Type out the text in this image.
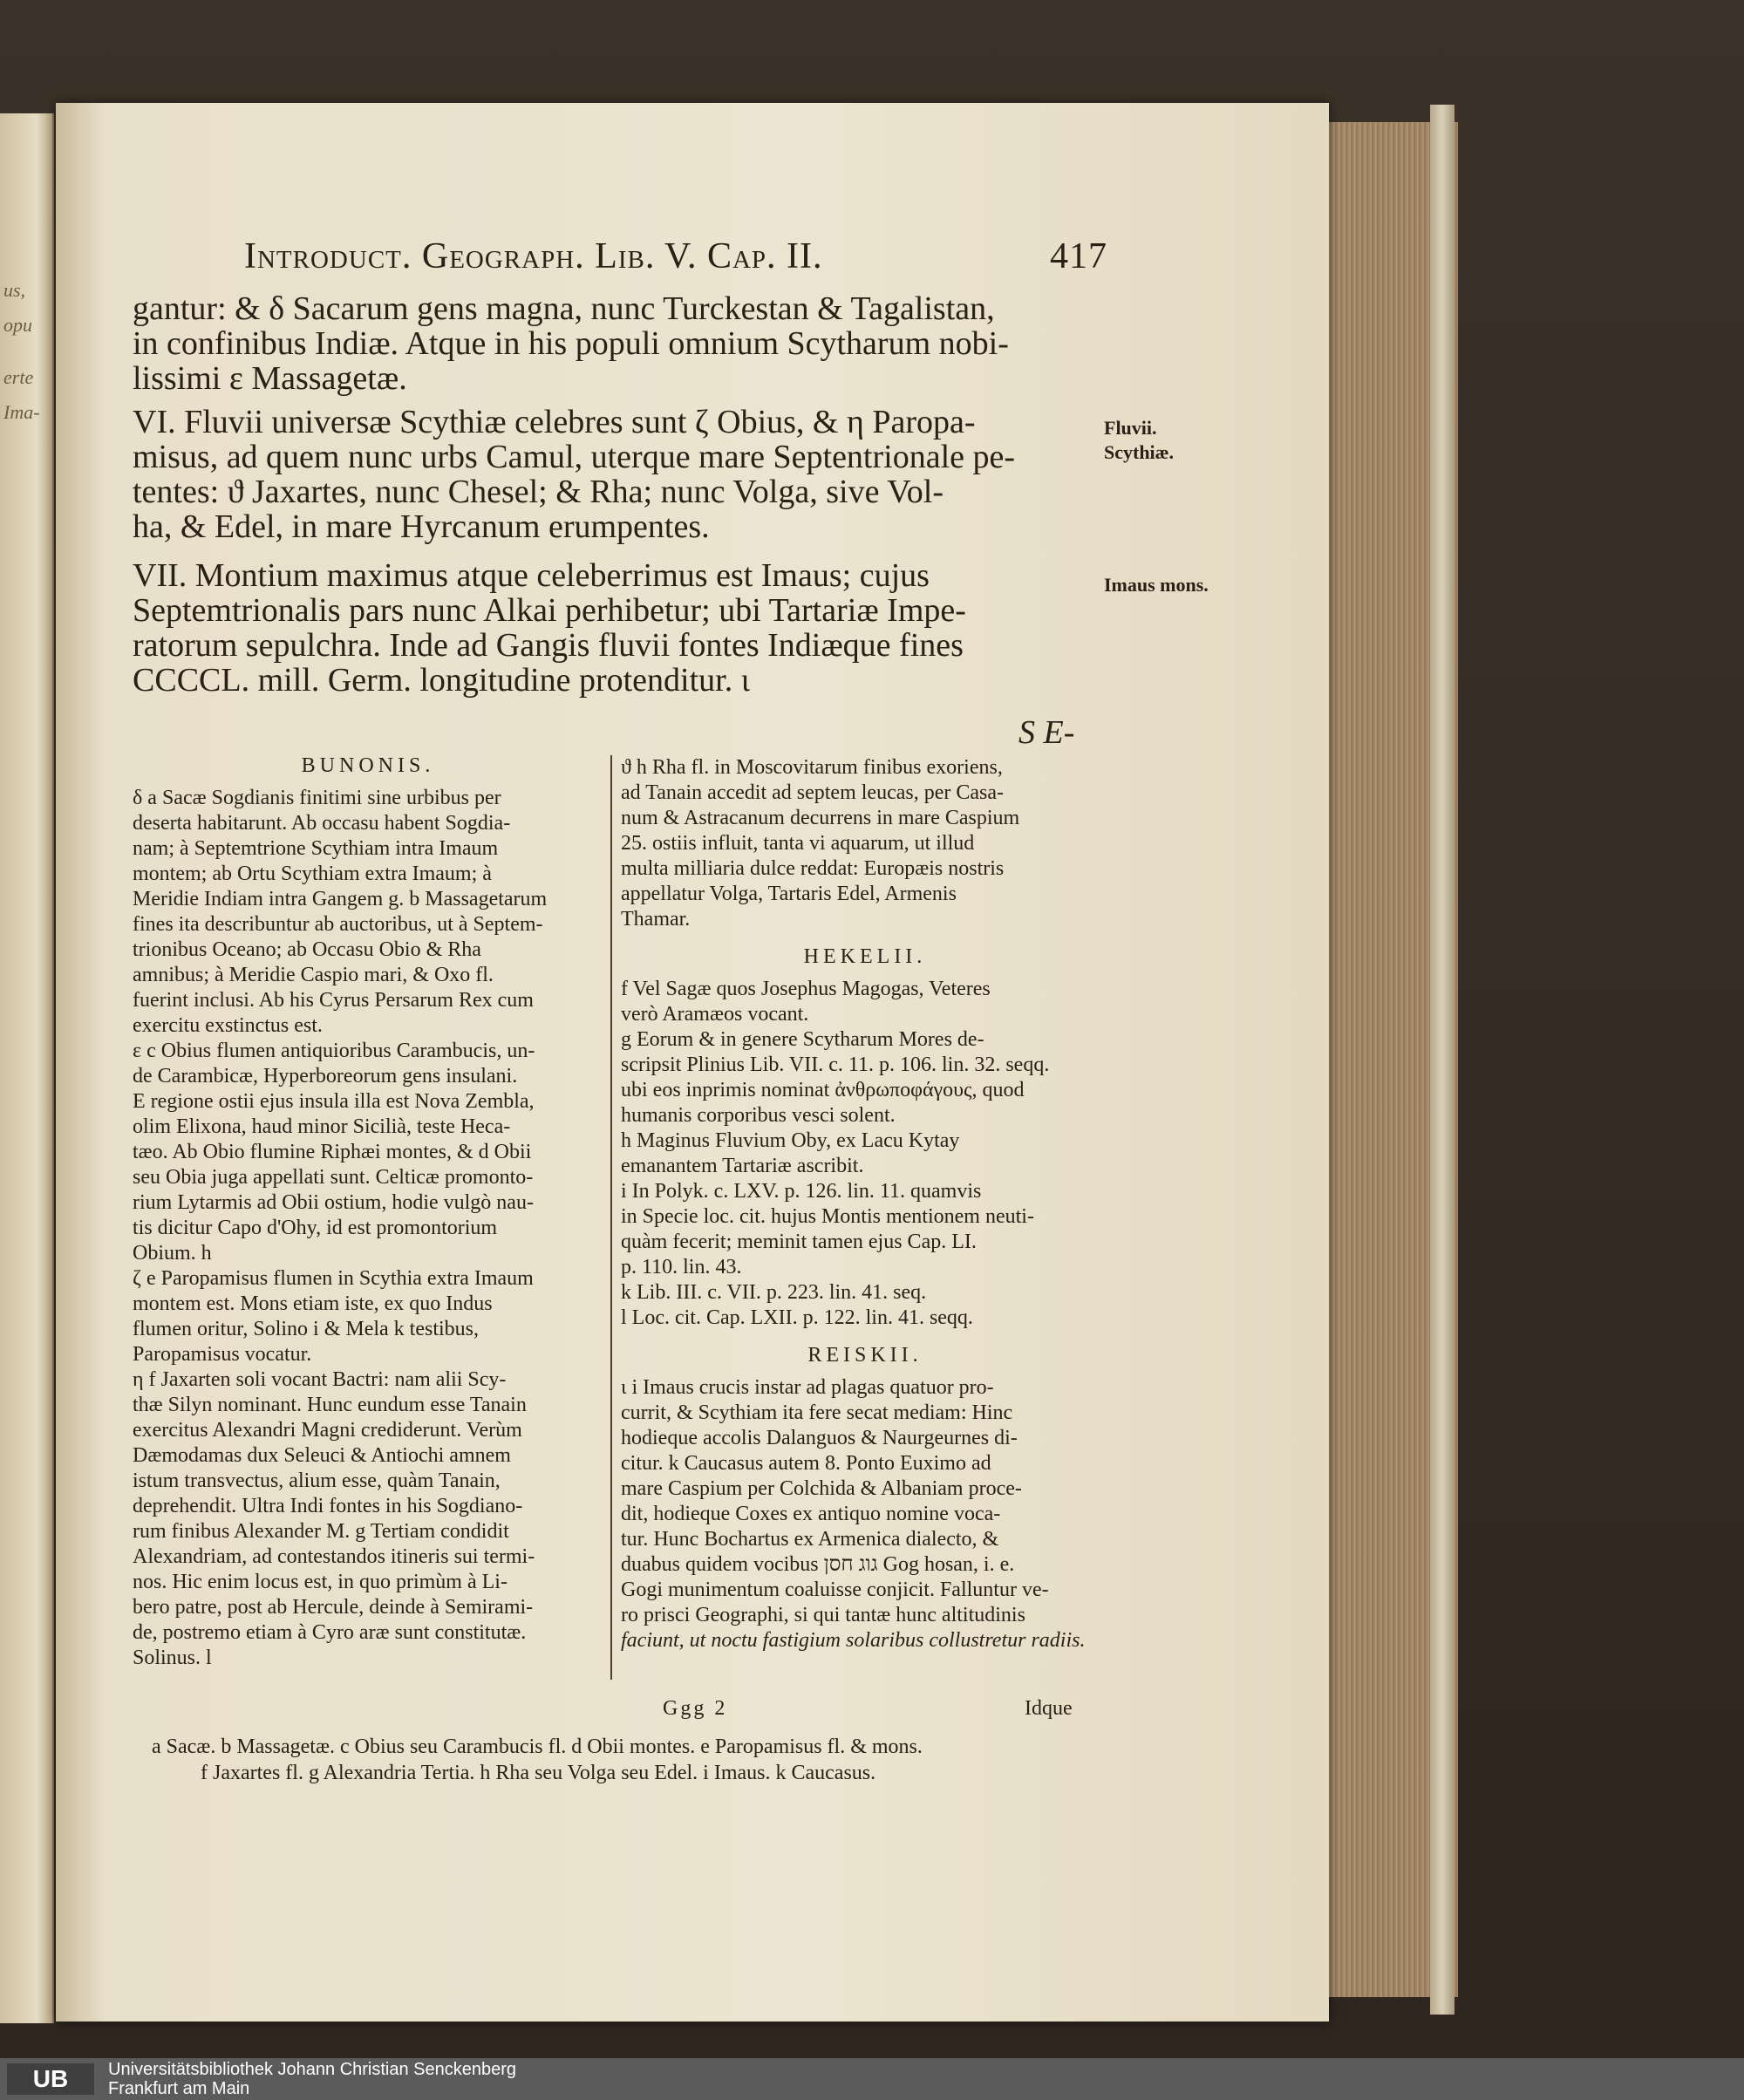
us,
opu
erte
Ima-
Introduct. Geograph. Lib. V. Cap. II.	417
gantur: & δ Sacarum gens magna, nunc Turckestan & Tagalistan,
in confinibus Indiæ. Atque in his populi omnium Scytharum nobi-
lissimi ε Massagetæ.
VI. Fluvii universæ Scythiæ celebres sunt ζ Obius, & η Paropa-
misus, ad quem nunc urbs Camul, uterque mare Septentrionale pe-
tentes: ϑ Jaxartes, nunc Chesel; & Rha; nunc Volga, sive Vol-
ha, & Edel, in mare Hyrcanum erumpentes.
VII. Montium maximus atque celeberrimus est Imaus; cujus
Septemtrionalis pars nunc Alkai perhibetur; ubi Tartariæ Impe-
ratorum sepulchra. Inde ad Gangis fluvii fontes Indiæque fines
CCCCL. mill. Germ. longitudine protenditur. ι
Fluvii.
Scythiæ.
Imaus mons.
S E-

BUNONIS.

δ a Sacæ Sogdianis finitimi sine urbibus per

deserta habitarunt. Ab occasu habent Sogdia-

nam; à Septemtrione Scythiam intra Imaum

montem; ab Ortu Scythiam extra Imaum; à

Meridie Indiam intra Gangem g. b Massagetarum

fines ita describuntur ab auctoribus, ut à Septem-

trionibus Oceano; ab Occasu Obio & Rha

amnibus; à Meridie Caspio mari, & Oxo fl.

fuerint inclusi. Ab his Cyrus Persarum Rex cum

exercitu exstinctus est.

ε c Obius flumen antiquioribus Carambucis, un-

de Carambicæ, Hyperboreorum gens insulani.

E regione ostii ejus insula illa est Nova Zembla,

olim Elixona, haud minor Sicilià, teste Heca-

tæo. Ab Obio flumine Riphæi montes, & d Obii

seu Obia juga appellati sunt. Celticæ promonto-

rium Lytarmis ad Obii ostium, hodie vulgò nau-

tis dicitur Capo d'Ohy, id est promontorium

Obium. h

ζ e Paropamisus flumen in Scythia extra Imaum

montem est. Mons etiam iste, ex quo Indus

flumen oritur, Solino i & Mela k testibus,

Paropamisus vocatur.

η f Jaxarten soli vocant Bactri: nam alii Scy-

thæ Silyn nominant. Hunc eundum esse Tanain

exercitus Alexandri Magni crediderunt. Verùm

Dæmodamas dux Seleuci & Antiochi amnem

istum transvectus, alium esse, quàm Tanain,

deprehendit. Ultra Indi fontes in his Sogdiano-

rum finibus Alexander M. g Tertiam condidit

Alexandriam, ad contestandos itineris sui termi-

nos. Hic enim locus est, in quo primùm à Li-

bero patre, post ab Hercule, deinde à Semirami-

de, postremo etiam à Cyro aræ sunt constitutæ.

Solinus. l

ϑ h Rha fl. in Moscovitarum finibus exoriens,

ad Tanain accedit ad septem leucas, per Casa-

num & Astracanum decurrens in mare Caspium

25. ostiis influit, tanta vi aquarum, ut illud

multa milliaria dulce reddat: Europæis nostris

appellatur Volga, Tartaris Edel, Armenis

Thamar.

HEKELII.

f Vel Sagæ quos Josephus Magogas, Veteres

verò Aramæos vocant.

g Eorum & in genere Scytharum Mores de-

scripsit Plinius Lib. VII. c. 11. p. 106. lin. 32. seqq.

ubi eos inprimis nominat ἀνθρωποφάγους, quod

humanis corporibus vesci solent.

h Maginus Fluvium Oby, ex Lacu Kytay

emanantem Tartariæ ascribit.

i In Polyk. c. LXV. p. 126. lin. 11. quamvis

in Specie loc. cit. hujus Montis mentionem neuti-

quàm fecerit; meminit tamen ejus Cap. LI.

p. 110. lin. 43.

k Lib. III. c. VII. p. 223. lin. 41. seq.

l Loc. cit. Cap. LXII. p. 122. lin. 41. seqq.

REISKII.

ι i Imaus crucis instar ad plagas quatuor pro-

currit, & Scythiam ita fere secat mediam: Hinc

hodieque accolis Dalanguos & Naurgeurnes di-

citur. k Caucasus autem 8. Ponto Euximo ad

mare Caspium per Colchida & Albaniam proce-

dit, hodieque Coxes ex antiquo nomine voca-

tur. Hunc Bochartus ex Armenica dialecto, &

duabus quidem vocibus גוג חסן Gog hosan, i. e.

Gogi munimentum coaluisse conjicit. Falluntur ve-

ro prisci Geographi, si qui tantæ hunc altitudinis

faciunt, ut noctu fastigium solaribus collustretur radiis.

Ggg 2	Idque
a Sacæ. b Massagetæ. c Obius seu Carambucis fl. d Obii montes. e Paropamisus fl. & mons.
f Jaxartes fl. g Alexandria Tertia. h Rha seu Volga seu Edel. i Imaus. k Caucasus.
UB	Universitätsbibliothek Johann Christian Senckenberg
Frankfurt am Main
